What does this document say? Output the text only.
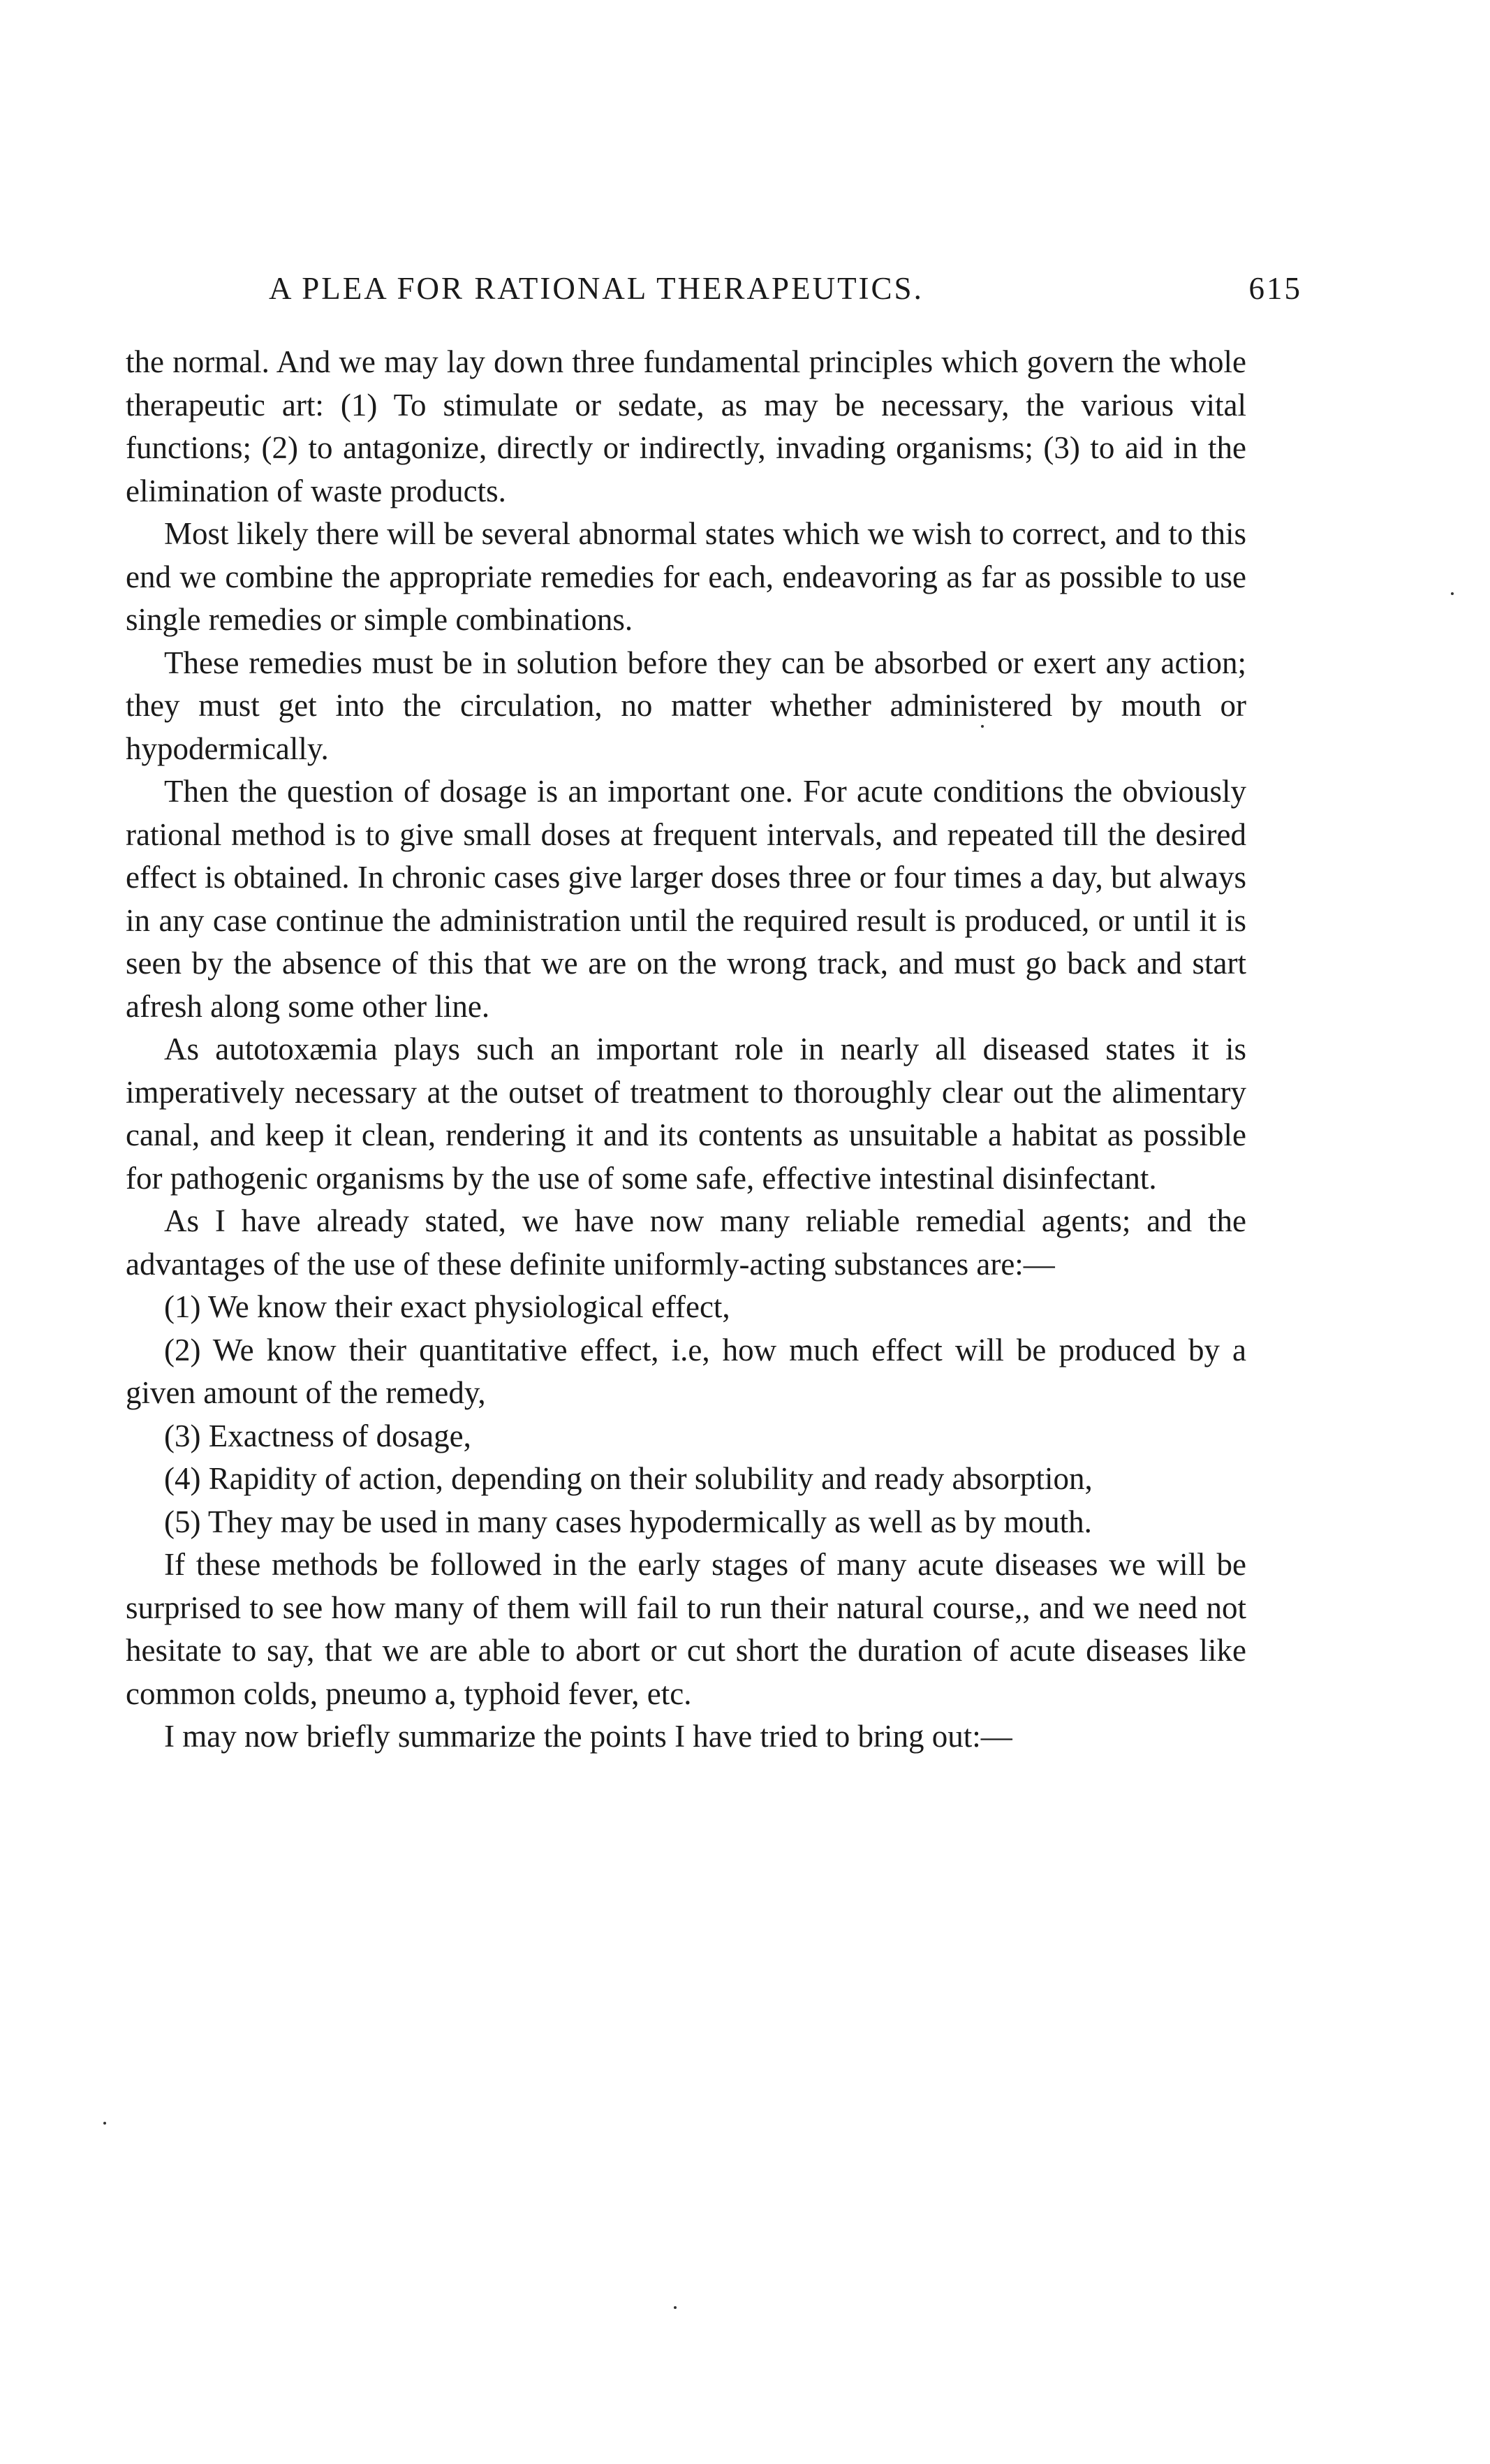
A PLEA FOR RATIONAL THERAPEUTICS.	615

the normal. And we may lay down three fundamental principles which govern the whole therapeutic art: (1) To stimulate or sedate, as may be necessary, the various vital functions; (2) to antagonize, directly or indirectly, invading organisms; (3) to aid in the elimination of waste products.

Most likely there will be several abnormal states which we wish to correct, and to this end we combine the appropriate remedies for each, endeavoring as far as possible to use single remedies or simple combinations.

These remedies must be in solution before they can be absorbed or exert any action; they must get into the circulation, no matter whether administered by mouth or hypodermically.

Then the question of dosage is an important one. For acute conditions the obviously rational method is to give small doses at frequent intervals, and repeated till the desired effect is obtained. In chronic cases give larger doses three or four times a day, but always in any case continue the administration until the required result is produced, or until it is seen by the absence of this that we are on the wrong track, and must go back and start afresh along some other line.

As autotoxæmia plays such an important role in nearly all diseased states it is imperatively necessary at the outset of treatment to thoroughly clear out the alimentary canal, and keep it clean, rendering it and its contents as unsuitable a habitat as possible for pathogenic organisms by the use of some safe, effective intestinal disinfectant.

As I have already stated, we have now many reliable remedial agents; and the advantages of the use of these definite uniformly-acting substances are:—

(1) We know their exact physiological effect,

(2) We know their quantitative effect, i.e, how much effect will be produced by a given amount of the remedy,

(3) Exactness of dosage,

(4) Rapidity of action, depending on their solubility and ready absorption,

(5) They may be used in many cases hypodermically as well as by mouth.

If these methods be followed in the early stages of many acute diseases we will be surprised to see how many of them will fail to run their natural course,, and we need not hesitate to say, that we are able to abort or cut short the duration of acute diseases like common colds, pneumo a, typhoid fever, etc.

I may now briefly summarize the points I have tried to bring out:—
